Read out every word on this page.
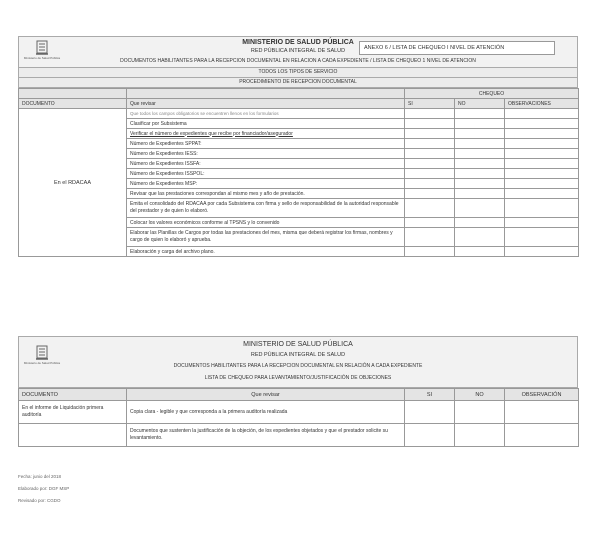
Ministerio de Salud Pública
MINISTERIO DE SALUD PÚBLICA
RED PÚBLICA INTEGRAL DE SALUD
DOCUMENTOS HABILITANTES PARA LA RECEPCION DOCUMENTAL EN RELACION A CADA EXPEDIENTE / LISTA DE CHEQUEO 1 NIVEL DE ATENCION
ANEXO 6 / LISTA DE CHEQUEO I NIVEL DE ATENCIÓN
TODOS LOS TIPOS DE SERVICIO
PROCEDIMIENTO DE RECEPCION DOCUMENTAL
		CHEQUEO		
DOCUMENTO	Que revisar	SI	NO	OBSERVACIONES
En el RDACAA	Que todos los campos obligatorios se encuentren llenos en los formularios			
	Clasificar por Subsistema			
	Verificar el número de expedientes que recibe por financiador/asegurador			
	Número de Expedientes SPPAT:			
	Número de Expedientes IESS:			
	Número de Expedientes ISSFA:			
	Número de Expedientes ISSPOL:			
	Número de Expedientes MSP:			
	Revisar que las prestaciones correspondan al mismo mes y año de prestación.			
	Emita el consolidado del RDACAA por cada Subsistema con firma y sello de responsabilidad de la autoridad responsable del prestador y de quien lo elaboró.			
	Colocar los valores económicos conforme al TPSNS y lo convenido			
	Elaborar las Planillas de Cargos por todas las prestaciones del mes, misma que deberá registrar los firmas, nombres y cargo de quien lo elaboró y aprueba.			
	Elaboración y carga del archivo plano.			
Ministerio de Salud Pública
MINISTERIO DE SALUD PÚBLICA
RED PÚBLICA INTEGRAL DE SALUD
DOCUMENTOS HABILITANTES PARA LA RECEPCION DOCUMENTAL EN RELACIÓN A CADA EXPEDIENTE
LISTA DE CHEQUEO PARA LEVANTAMIENTO/JUSTIFICACIÓN DE OBJECIONES
DOCUMENTO	Que revisar	SI	NO	OBSERVACIÓN
En el informe de Liquidación primera auditoría	Copia clara - legible y que corresponda a la primera auditoría realizada			
	Documentos que sustenten la justificación de la objeción, de los expedientes objetados y que el prestador solicite su levantamiento.			
Fecha: junio del 2018
Elaborado por: DGF MSP
Revisado por: CGDO
